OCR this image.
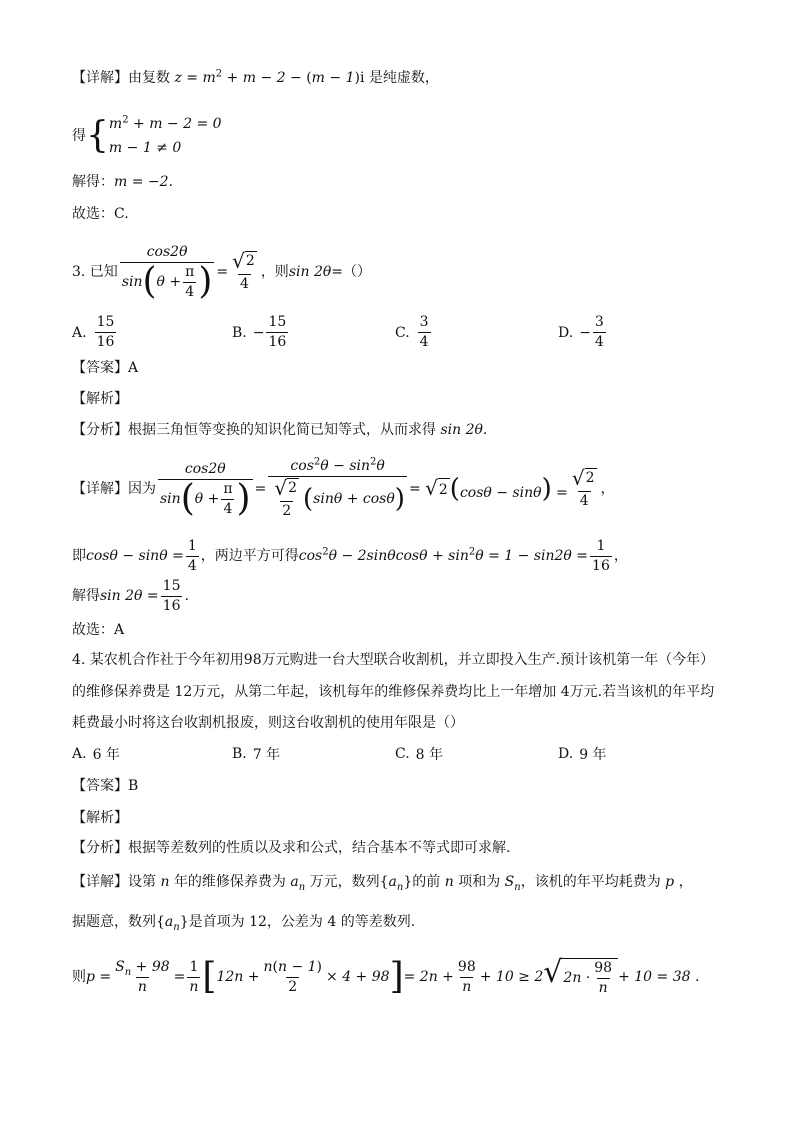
【详解】 由复数 $z = m^2 + m - 2 - (m - 1)i$ 是纯虚数，
得 { $m^2 + m - 2 = 0$
m − 1 ≠ 0
解得： m = −2.
故选：C.
3. 已知 $\frac{\cos 2\theta}{\sin ( \theta + \frac{\pi}{4} )} = \frac{√ 2}{4}$ ，则 sin 2θ =（）
A. $\frac{15}{16}$	B. − $\frac{15}{16}$	C. $\frac{3}{4}$	D. − $\frac{3}{4}$
【答案】 A
【解析】
【分析】 根据三角恒等变换的知识化简已知等式，从而求得 sin 2θ .
【详解】 因为 $\frac{\cos 2\theta}{\sin ( \theta + \frac{\pi}{4} )} = \frac{\cos^2\theta - \sin^2\theta}{\frac{√ 2}{2} ( \sin\theta + \cos\theta )}$ = √ 2 $(\cos\theta - \sin\theta) = \frac{√ 2}{4}$ ，
即 $\cos\theta - \sin\theta = \frac{1}{4}$ ，两边平方可得 $\cos^2\theta - 2\sin\theta\cos\theta + \sin^2\theta = 1 - \sin 2\theta = \frac{1}{16}$ ，
解得 $\sin 2\theta = \frac{15}{16}$ .
故选：A
4. 某农机合作社于今年初用98万元购进一台大型联合收割机，并立即投入生产.预计该机第一年（今年）
的维修保养费是 12万元，从第二年起，该机每年的维修保养费均比上一年增加 4万元.若当该机的年平均
耗费最小时将这台收割机报废，则这台收割机的使用年限是（）
A. 6 年	B. 7 年	C. 8 年	D. 9 年
【答案】 B
【解析】
【分析】 根据等差数列的性质以及求和公式，结合基本不等式即可求解.
【详解】 设第 n 年的维修保养费为 $a_n$ 万元，数列 $\{a_n\}$ 的前 n 项和为 $S_n$ ，该机的年平均耗费为 p ，
据题意，数列 $\{a_n\}$ 是首项为 12，公差为 4 的等差数列.
则 $p = \frac{S_n + 98}{n} = \frac{1}{n}$ [ $12n + \frac{n(n - 1)}{2} \times 4 + 98$ ] = $2n + \frac{98}{n} + 10 \ge 2$ √ $2n \cdot \frac{98}{n} + 10 = 38$ .
